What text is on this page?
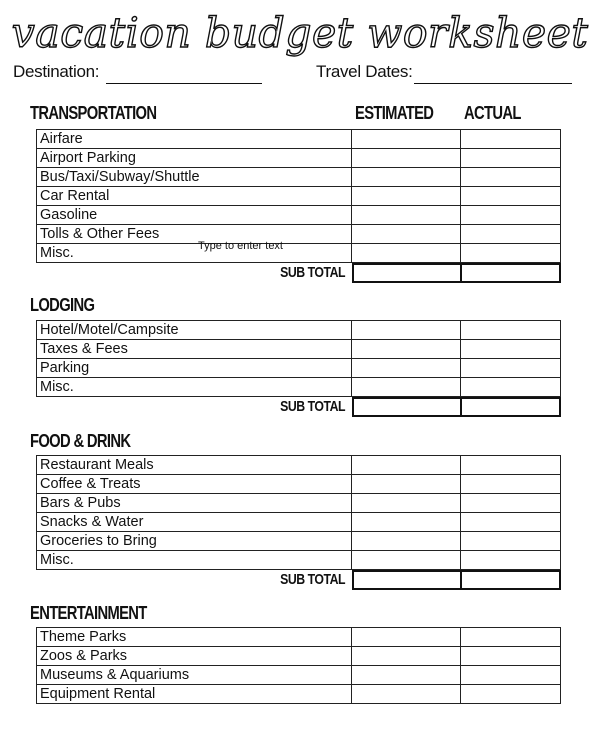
vacation budget worksheet
Destination:	Travel Dates:
ESTIMATED ACTUAL
TRANSPORTATION
Airfare		
Airport Parking		
Bus/Taxi/Subway/Shuttle		
Car Rental		
Gasoline		
Tolls & Other Fees		
Misc.			Type to enter text
SUB TOTAL
LODGING
Hotel/Motel/Campsite		
Taxes & Fees		
Parking		
Misc.		
SUB TOTAL
FOOD & DRINK
Restaurant Meals		
Coffee & Treats		
Bars & Pubs		
Snacks & Water		
Groceries to Bring		
Misc.		
SUB TOTAL
ENTERTAINMENT
Theme Parks		
Zoos & Parks		
Museums & Aquariums		
Equipment Rental		
